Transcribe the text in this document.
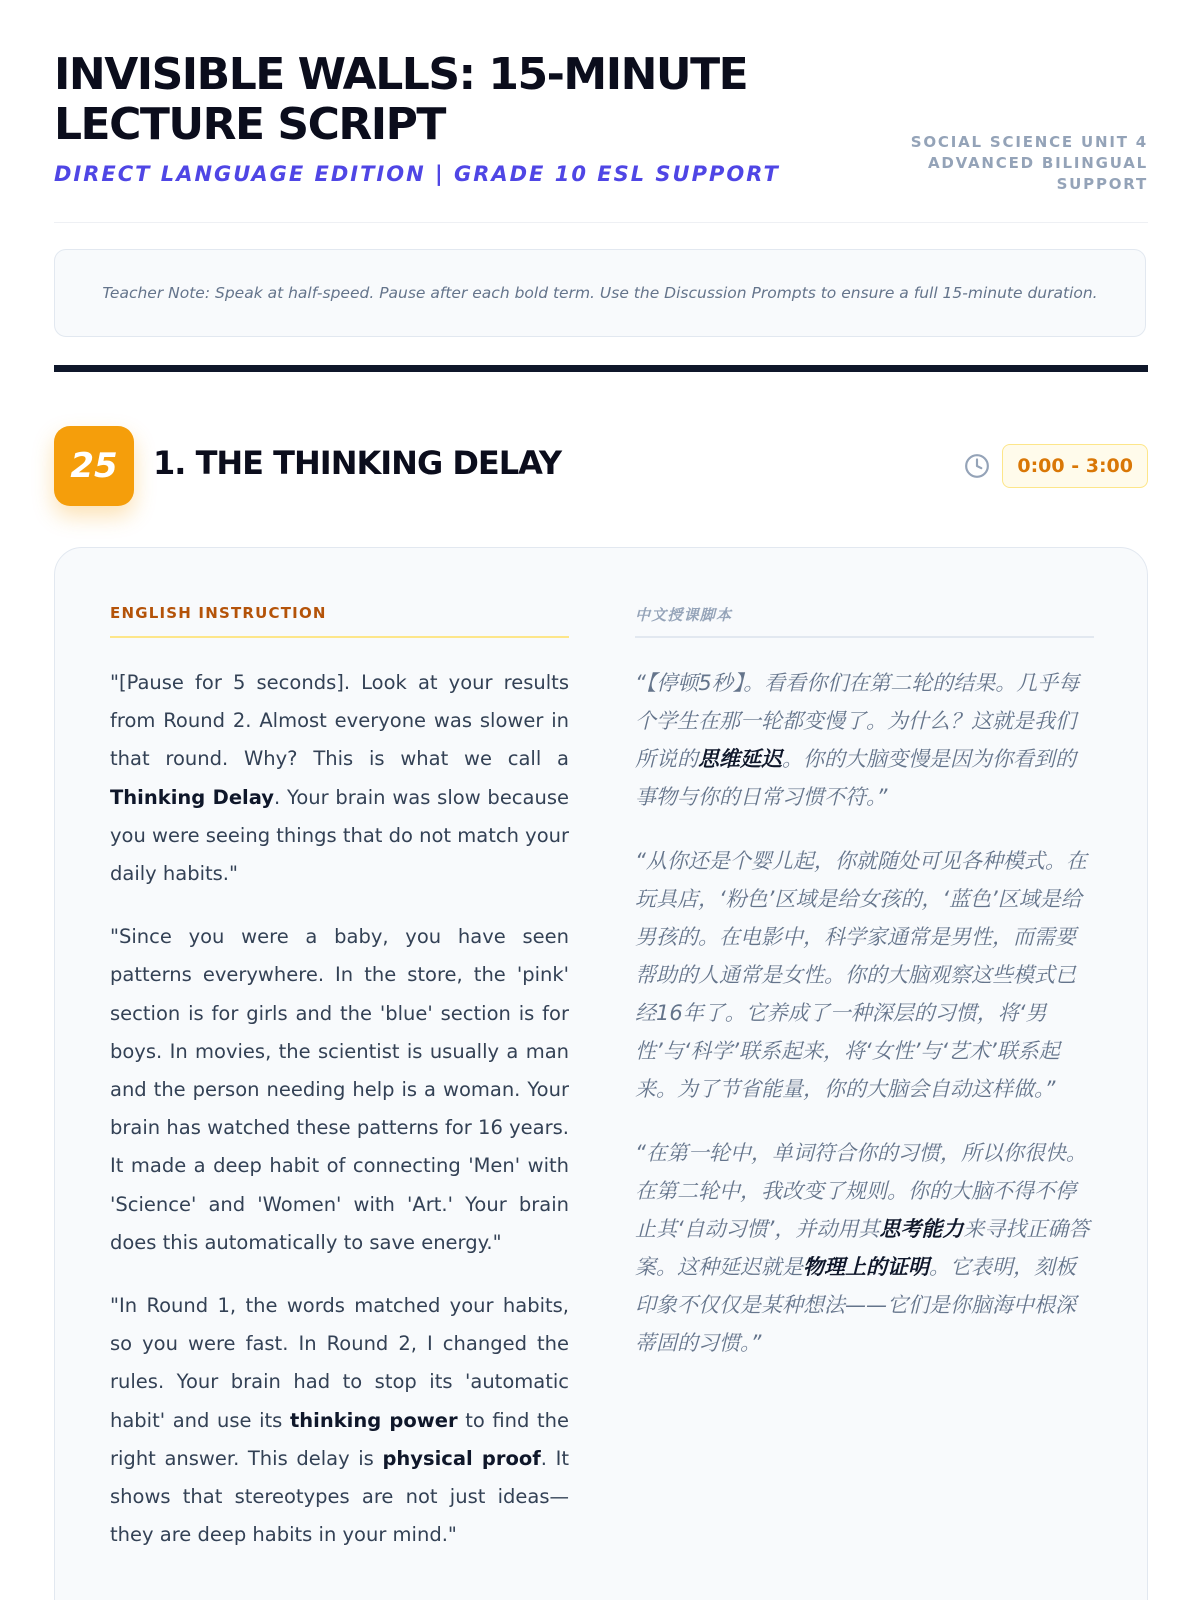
INVISIBLE WALLS: 15-MINUTE LECTURE SCRIPT
DIRECT LANGUAGE EDITION | GRADE 10 ESL SUPPORT
SOCIAL SCIENCE UNIT 4 ADVANCED BILINGUAL SUPPORT
Teacher Note: Speak at half-speed. Pause after each bold term. Use the Discussion Prompts to ensure a full 15-minute duration.
25	1. THE THINKING DELAY	0:00 - 3:00
ENGLISH INSTRUCTION

"[Pause for 5 seconds]. Look at your results from Round 2. Almost everyone was slower in that round. Why? This is what we call a Thinking Delay. Your brain was slow because you were seeing things that do not match your daily habits."

"Since you were a baby, you have seen patterns everywhere. In the store, the 'pink' section is for girls and the 'blue' section is for boys. In movies, the scientist is usually a man and the person needing help is a woman. Your brain has watched these patterns for 16 years. It made a deep habit of connecting 'Men' with 'Science' and 'Women' with 'Art.' Your brain does this automatically to save energy."

"In Round 1, the words matched your habits, so you were fast. In Round 2, I changed the rules. Your brain had to stop its 'automatic habit' and use its thinking power to find the right answer. This delay is physical proof. It shows that stereotypes are not just ideas—they are deep habits in your mind."

中文授课脚本

“【停顿5秒】。看看你们在第二轮的结果。几乎每个学生在那一轮都变慢了。为什么？这就是我们所说的思维延迟。你的大脑变慢是因为你看到的事物与你的日常习惯不符。”

“从你还是个婴儿起，你就随处可见各种模式。在玩具店，‘粉色’区域是给女孩的，‘蓝色’区域是给男孩的。在电影中，科学家通常是男性，而需要帮助的人通常是女性。你的大脑观察这些模式已经16年了。它养成了一种深层的习惯，将‘男性’与‘科学’联系起来，将‘女性’与‘艺术’联系起来。为了节省能量，你的大脑会自动这样做。”

“在第一轮中，单词符合你的习惯，所以你很快。在第二轮中，我改变了规则。你的大脑不得不停止其‘自动习惯’，并动用其思考能力来寻找正确答案。这种延迟就是物理上的证明。它表明，刻板印象不仅仅是某种想法——它们是你脑海中根深蒂固的习惯。”
